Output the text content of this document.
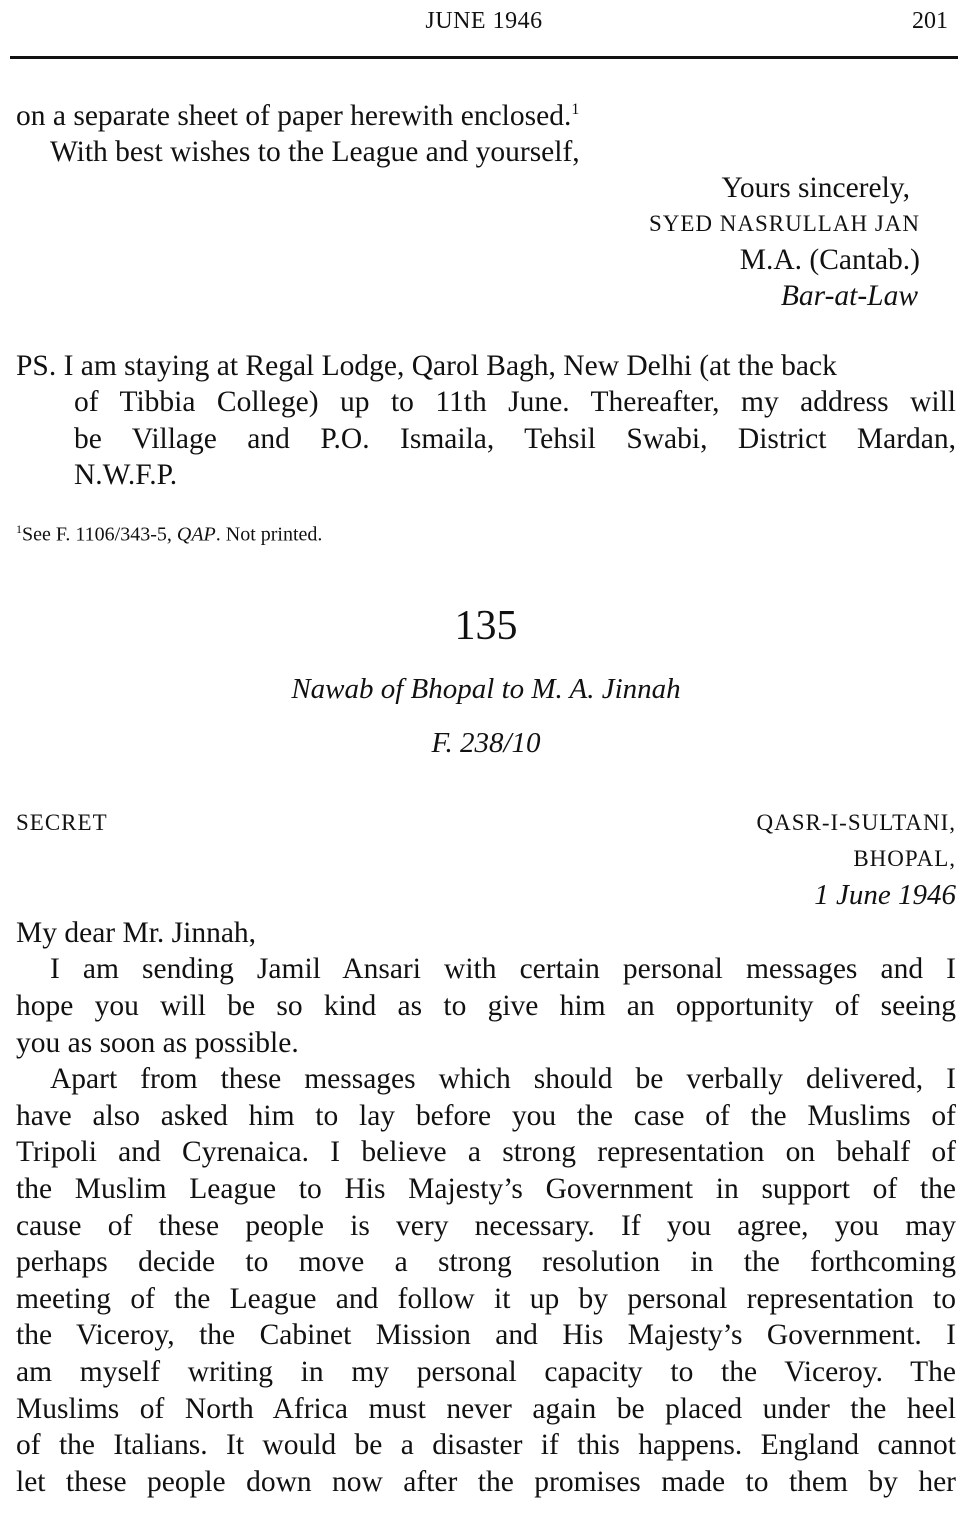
JUNE 1946	201
on a separate sheet of paper herewith enclosed.$^1$
With best wishes to the League and yourself,
Yours sincerely,
SYED NASRULLAH JAN
M.A. (Cantab.)
Bar-at-Law
PS. I am staying at Regal Lodge, Qarol Bagh, New Delhi (at the back
of Tibbia College) up to 11th June. Thereafter, my address will
be Village and P.O. Ismaila, Tehsil Swabi, District Mardan,
N.W.F.P.
$^1$See F. 1106/343-5, QAP. Not printed.
135
Nawab of Bhopal to M. A. Jinnah
F. 238/10
SECRET	QASR-I-SULTANI,
BHOPAL,
1 June 1946
My dear Mr. Jinnah,
I am sending Jamil Ansari with certain personal messages and I
hope you will be so kind as to give him an opportunity of seeing
you as soon as possible.
Apart from these messages which should be verbally delivered, I
have also asked him to lay before you the case of the Muslims of
Tripoli and Cyrenaica. I believe a strong representation on behalf of
the Muslim League to His Majesty’s Government in support of the
cause of these people is very necessary. If you agree, you may
perhaps decide to move a strong resolution in the forthcoming
meeting of the League and follow it up by personal representation to
the Viceroy, the Cabinet Mission and His Majesty’s Government. I
am myself writing in my personal capacity to the Viceroy. The
Muslims of North Africa must never again be placed under the heel
of the Italians. It would be a disaster if this happens. England cannot
let these people down now after the promises made to them by her
